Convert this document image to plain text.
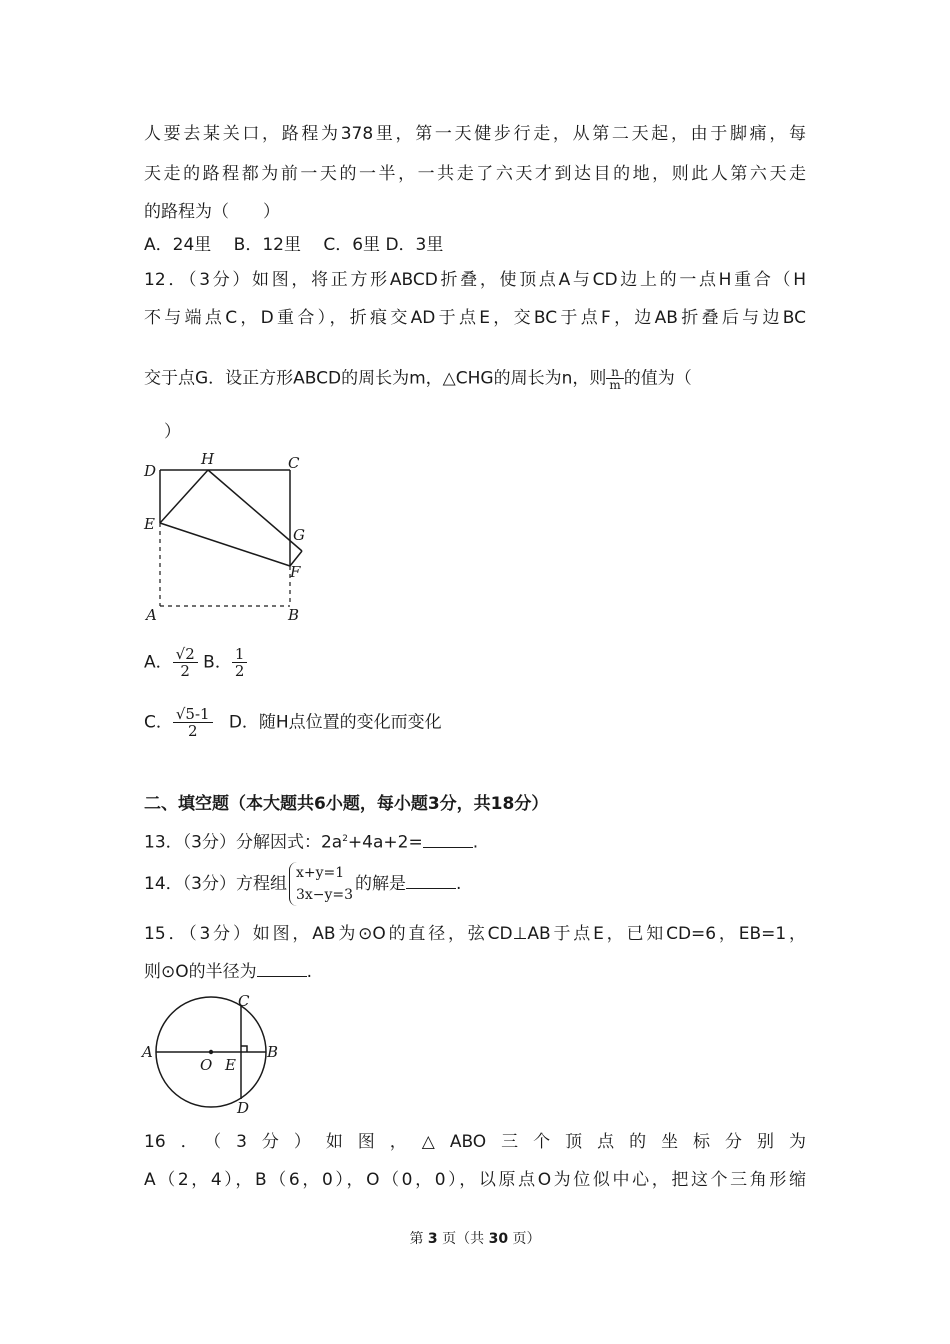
人要去某关口，路程为378里，第一天健步行走，从第二天起，由于脚痛，每
天走的路程都为前一天的一半，一共走了六天才到达目的地，则此人第六天走
的路程为（　　）
A．24里　 B．12里　 C．6里 D．3里
12．（3分）如图，将正方形ABCD折叠，使顶点A与CD边上的一点H重合（H
不与端点C，D重合），折痕交AD于点E，交BC于点F，边AB折叠后与边BC
交于点G．设正方形ABCD的周长为m，△CHG的周长为n，则 $\frac{n}{m}$ 的值为（
）
D
H	C
E
G
F
A	B
A． $\frac{√2}{2}$ B． $\frac{1}{2}$
C． $\frac{√5-1}{2}$ D．随H点位置的变化而变化
二、填空题（本大题共6小题，每小题3分，共18分）
13．（3分）分解因式：$2a^2+4a+2=$	.
14．（3分）方程组
x+y=1
3x−y=3
的解是	.
15．（3分）如图，AB为⊙O的直径，弦CD⊥AB于点E，已知CD=6，EB=1，
则⊙O的半径为	.
A
O E
B
C
D
16．（3分）如图，△ABO三个顶点的坐标分别为
A（2，4），B（6，0），O（0，0），以原点O为位似中心，把这个三角形缩
第 3 页（共 30 页）
